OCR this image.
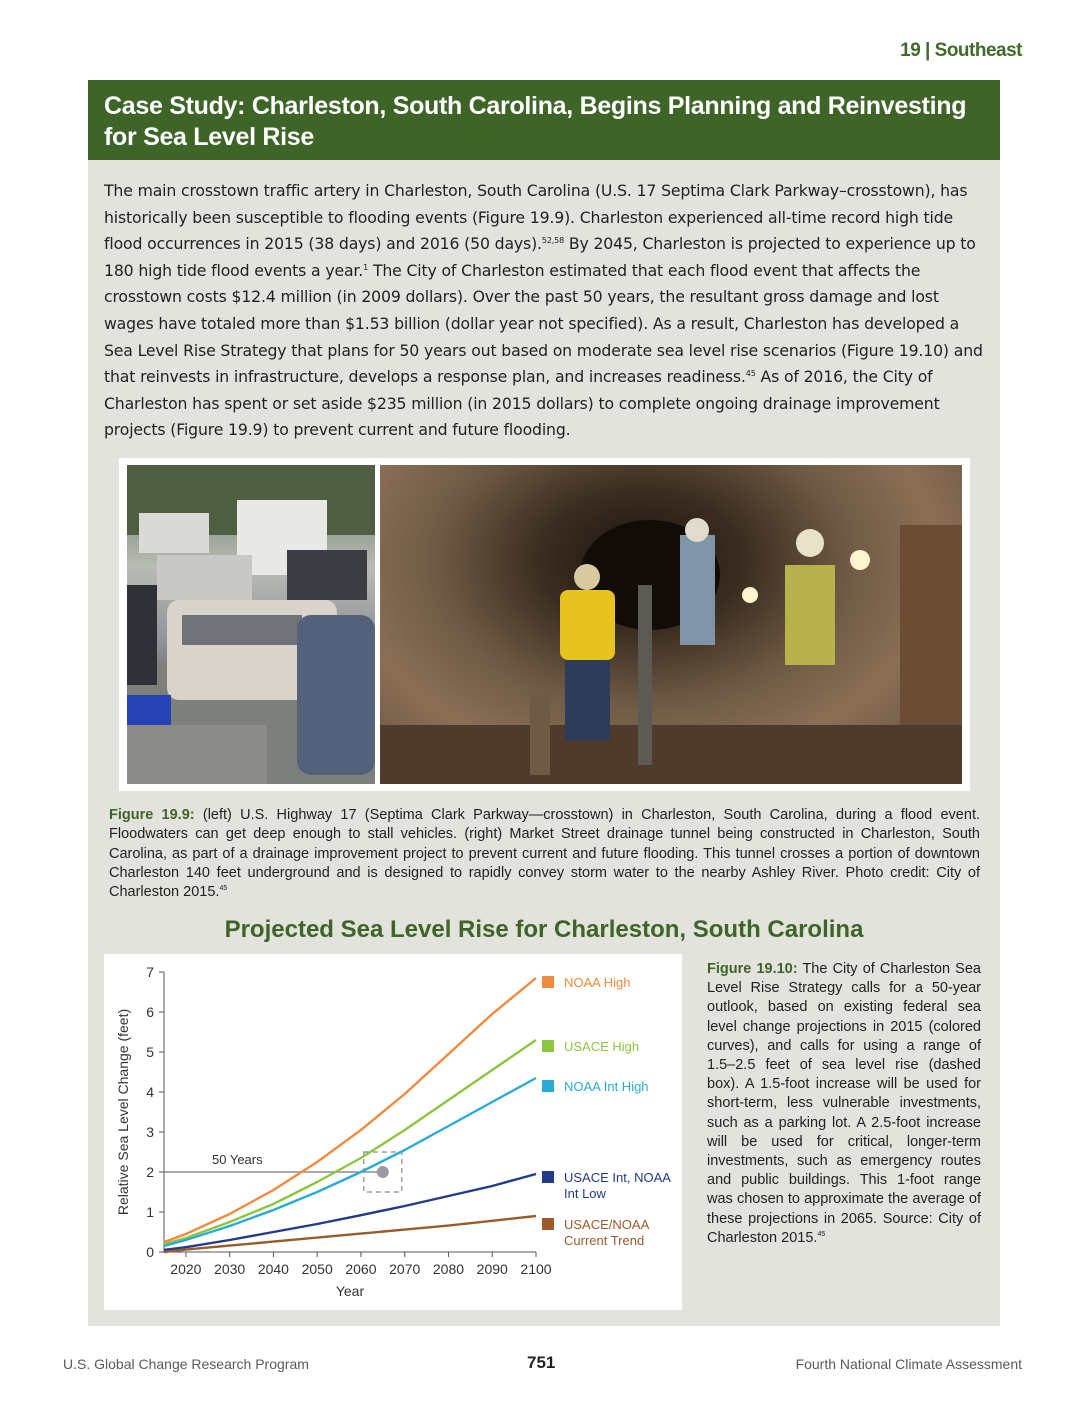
19 | Southeast
Case Study: Charleston, South Carolina, Begins Planning and Reinvesting
for Sea Level Rise
The main crosstown traffic artery in Charleston, South Carolina (U.S. 17 Septima Clark Parkway–crosstown), has historically been susceptible to flooding events (Figure 19.9). Charleston experienced all-time record high tide flood occurrences in 2015 (38 days) and 2016 (50 days).$^{52,58}$ By 2045, Charleston is projected to experience up to 180 high tide flood events a year.$^1$ The City of Charleston estimated that each flood event that affects the crosstown costs $12.4 million (in 2009 dollars). Over the past 50 years, the resultant gross damage and lost wages have totaled more than $1.53 billion (dollar year not specified). As a result, Charleston has developed a Sea Level Rise Strategy that plans for 50 years out based on moderate sea level rise scenarios (Figure 19.10) and that reinvests in infrastructure, develops a response plan, and increases readiness.$^{45}$ As of 2016, the City of Charleston has spent or set aside $235 million (in 2015 dollars) to complete ongoing drainage improvement projects (Figure 19.9) to prevent current and future flooding.
Figure 19.9: (left) U.S. Highway 17 (Septima Clark Parkway—crosstown) in Charleston, South Carolina, during a flood event. Floodwaters can get deep enough to stall vehicles. (right) Market Street drainage tunnel being constructed in Charleston, South Carolina, as part of a drainage improvement project to prevent current and future flooding. This tunnel crosses a portion of downtown Charleston 140 feet underground and is designed to rapidly convey storm water to the nearby Ashley River. Photo credit: City of Charleston 2015.45
Projected Sea Level Rise for Charleston, South Carolina
0
1
2
3
4
5
6
7
2020 2030 2040 2050 2060 2070 2080 2090 2100
50 Years
NOAA High
USACE High
NOAA Int High
USACE Int, NOAA
Int Low
USACE/NOAA
Current Trend
Relative Sea Level Change (feet)
Year
Figure 19.10: The City of Charleston Sea Level Rise Strategy calls for a 50-year outlook, based on existing federal sea level change projections in 2015 (colored curves), and calls for using a range of 1.5–2.5 feet of sea level rise (dashed box). A 1.5-foot increase will be used for short-term, less vulnerable investments, such as a parking lot. A 2.5-foot increase will be used for critical, longer-term investments, such as emergency routes and public buildings. This 1-foot range was chosen to approximate the average of these projections in 2065. Source: City of Charleston 2015.45
U.S. Global Change Research Program	751	Fourth National Climate Assessment
